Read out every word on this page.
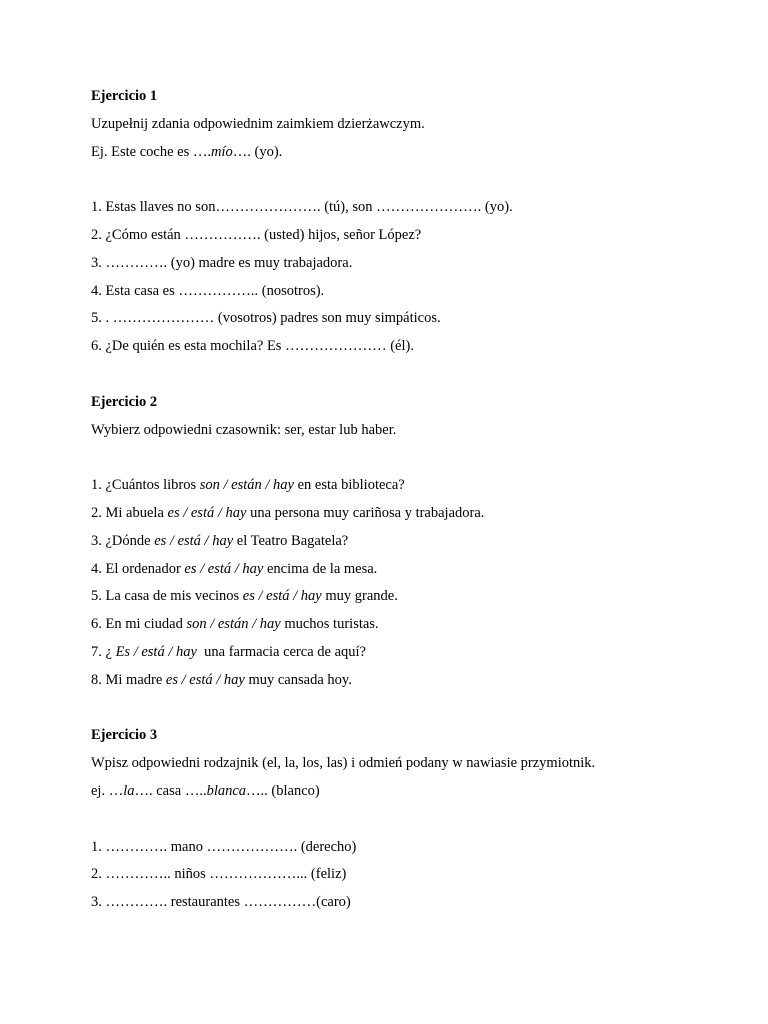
Ejercicio 1
Uzupełnij zdania odpowiednim zaimkiem dzierżawczym.
Ej. Este coche es ….mío…. (yo).
1. Estas llaves no son…………………. (tú), son …………………. (yo).
2. ¿Cómo están ……………. (usted) hijos, señor López?
3. …………. (yo) madre es muy trabajadora.
4. Esta casa es …………….. (nosotros).
5. . ………………… (vosotros) padres son muy simpáticos.
6. ¿De quién es esta mochila? Es ………………… (él).
Ejercicio 2
Wybierz odpowiedni czasownik: ser, estar lub haber.
1. ¿Cuántos libros son / están / hay en esta biblioteca?
2. Mi abuela es / está / hay una persona muy cariñosa y trabajadora.
3. ¿Dónde es / está / hay el Teatro Bagatela?
4. El ordenador es / está / hay encima de la mesa.
5. La casa de mis vecinos es / está / hay muy grande.
6. En mi ciudad son / están / hay muchos turistas.
7. ¿ Es / está / hay  una farmacia cerca de aquí?
8. Mi madre es / está / hay muy cansada hoy.
Ejercicio 3
Wpisz odpowiedni rodzajnik (el, la, los, las) i odmień podany w nawiasie przymiotnik.
ej. …la…. casa …..blanca….. (blanco)
1. …………. mano ………………. (derecho)
2. ………….. niños ………………... (feliz)
3. …………. restaurantes ……………(caro)
